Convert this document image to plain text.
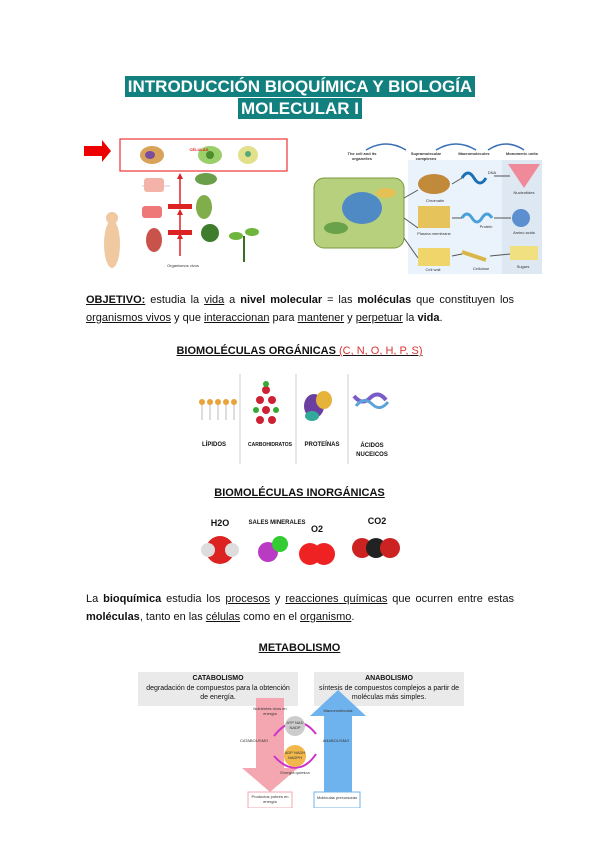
INTRODUCCIÓN BIOQUÍMICA Y BIOLOGÍA
MOLECULAR I
CÉLULAS
Organismos vivos
The cell and its organelles
Supramolecular complexes
Macromolecules	Monomeric units
Chromatin
DNA
Nucleotides
Plasma membrane
Protein
Amino acids
Cell wall	Cellulose	Sugars
OBJETIVO: estudia la vida a nivel molecular = las moléculas que constituyen los organismos vivos y que interaccionan para mantener y perpetuar la vida.
BIOMOLÉCULAS ORGÁNICAS (C, N, O, H, P, S)
LÍPIDOS	CARBOHIDRATOS	PROTEÍNAS	ÁCIDOS NUCEICOS
BIOMOLÉCULAS INORGÁNICAS
H2O	SALES MINERALES
O2
CO2
La bioquímica estudia los procesos y reacciones químicas que ocurren entre estas moléculas, tanto en las células como en el organismo.
METABOLISMO
CATABOLISMO
degradación de compuestos para la obtención de energía.
ANABOLISMO
síntesis de compuestos complejos a partir de moléculas más simples.
Nutrientes ricos en energía
Macromoléculas
ATP NAD NADP
ADP NADH NADPH
Energía química
CATABOLISMO	ANABOLISMO
Productos pobres en energía
Moléculas precursoras
